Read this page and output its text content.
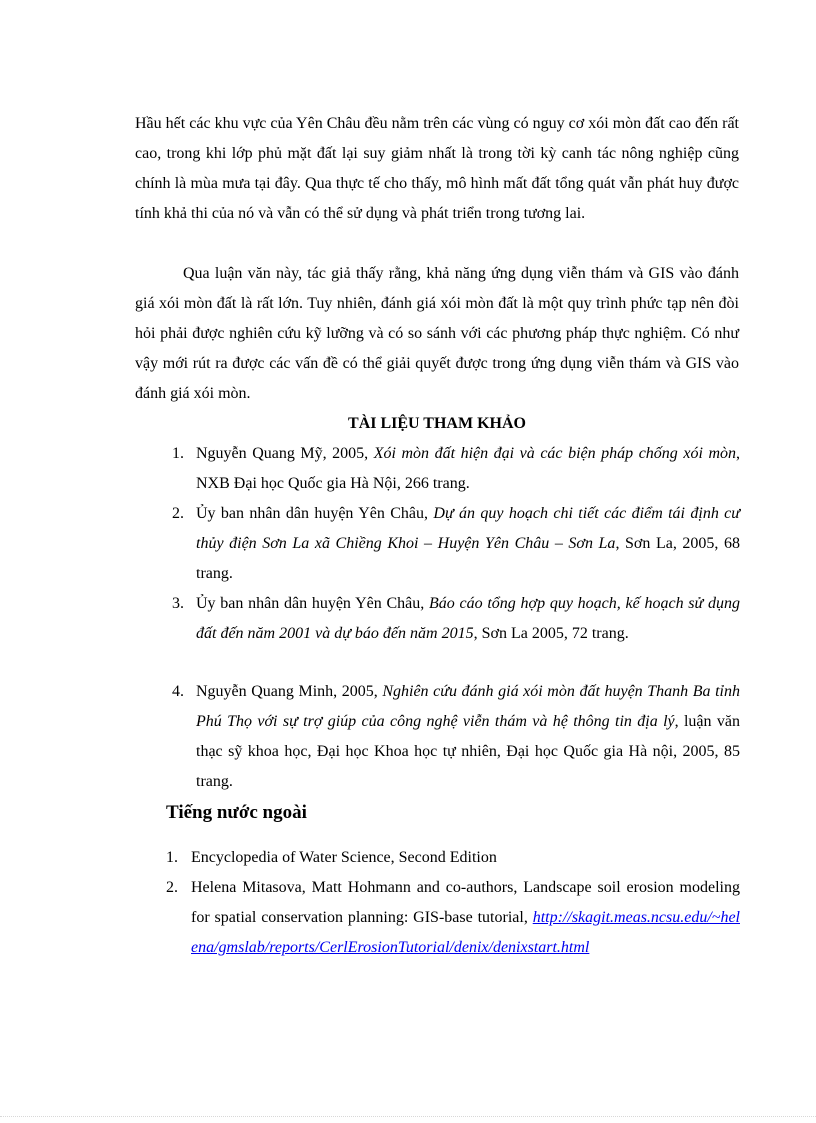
Hầu hết các khu vực của Yên Châu đều nằm trên các vùng có nguy cơ xói mòn đất cao đến rất cao, trong khi lớp phủ mặt đất lại suy giảm nhất là trong tời kỳ canh tác nông nghiệp cũng chính là mùa mưa tại đây. Qua thực tế cho thấy, mô hình mất đất tổng quát vẫn phát huy được tính khả thi của nó và vẫn có thể sử dụng và phát triển trong tương lai.

Qua luận văn này, tác giả thấy rằng, khả năng ứng dụng viễn thám và GIS vào đánh giá xói mòn đất là rất lớn. Tuy nhiên, đánh giá xói mòn đất là một quy trình phức tạp nên đòi hỏi phải được nghiên cứu kỹ lưỡng và có so sánh với các phương pháp thực nghiệm. Có như vậy mới rút ra được các vấn đề có thể giải quyết được trong ứng dụng viễn thám và GIS vào đánh giá xói mòn.

TÀI LIỆU THAM KHẢO
1. Nguyễn Quang Mỹ, 2005, Xói mòn đất hiện đại và các biện pháp chống xói mòn, NXB Đại học Quốc gia Hà Nội, 266 trang.
2. Ủy ban nhân dân huyện Yên Châu, Dự án quy hoạch chi tiết các điểm tái định cư thủy điện Sơn La xã Chiềng Khoi – Huyện Yên Châu – Sơn La, Sơn La, 2005, 68 trang.
3. Ủy ban nhân dân huyện Yên Châu, Báo cáo tổng hợp quy hoạch, kế hoạch sử dụng đất đến năm 2001 và dự báo đến năm 2015, Sơn La 2005, 72 trang.
4. Nguyễn Quang Minh, 2005, Nghiên cứu đánh giá xói mòn đất huyện Thanh Ba tỉnh Phú Thọ với sự trợ giúp của công nghệ viễn thám và hệ thông tin địa lý, luận văn thạc sỹ khoa học, Đại học Khoa học tự nhiên, Đại học Quốc gia Hà nội, 2005, 85 trang.
Tiếng nước ngoài
1. Encyclopedia of Water Science, Second Edition
2. Helena Mitasova, Matt Hohmann and co-authors, Landscape soil erosion modeling for spatial conservation planning: GIS-base tutorial, http://skagit.meas.ncsu.edu/~helena/gmslab/reports/CerlErosionTutorial/denix/denixstart.html
